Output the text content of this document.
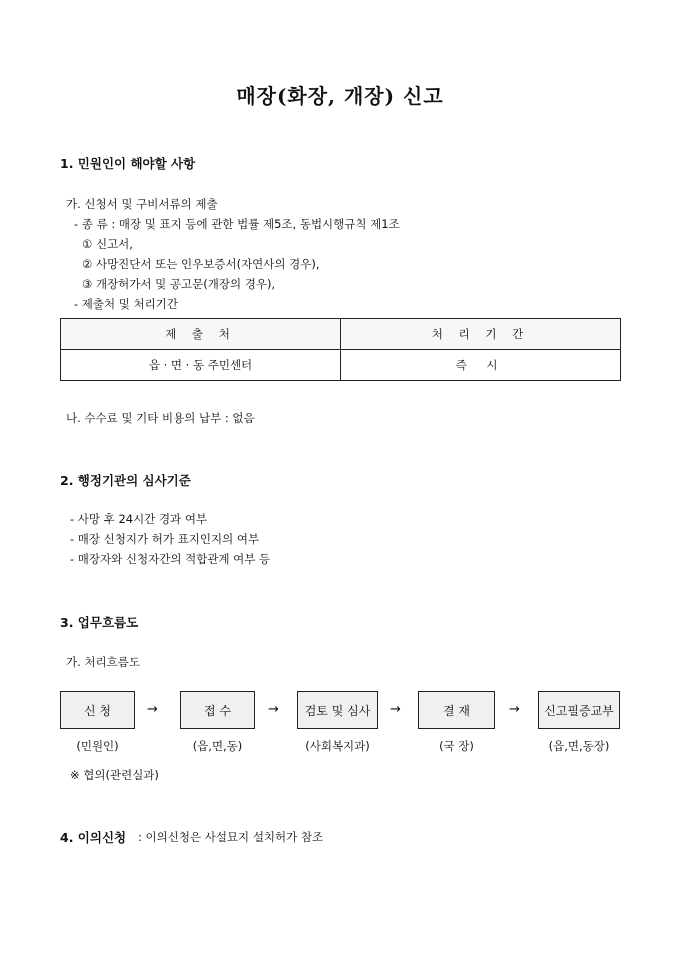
매장(화장, 개장) 신고
1. 민원인이 해야할 사항
가. 신청서 및 구비서류의 제출
- 종 류 : 매장 및 표지 등에 관한 법률 제5조, 동법시행규칙 제1조
① 신고서,
② 사망진단서 또는 인우보증서(자연사의 경우),
③ 개장허가서 및 공고문(개장의 경우),
- 제출처 및 처리기간
제 출 처	처 리 기 간
읍 · 면 · 동 주민센터	즉 시
나. 수수료 및 기타 비용의 납부 : 없음
2. 행정기관의 심사기준
- 사망 후 24시간 경과 여부
- 매장 신청지가 허가 표지인지의 여부
- 매장자와 신청자간의 적합관계 여부 등
3. 업무흐름도
가. 처리흐름도
신 청	→	접 수	→	검토 및 심사	→	결 재	→	신고필증교부
(민원인)	(읍,면,동)	(사회복지과)	(국 장)	(읍,면,동장)
※ 협의(관련실과)
4. 이의신청 : 이의신청은 사설묘지 설치허가 참조
